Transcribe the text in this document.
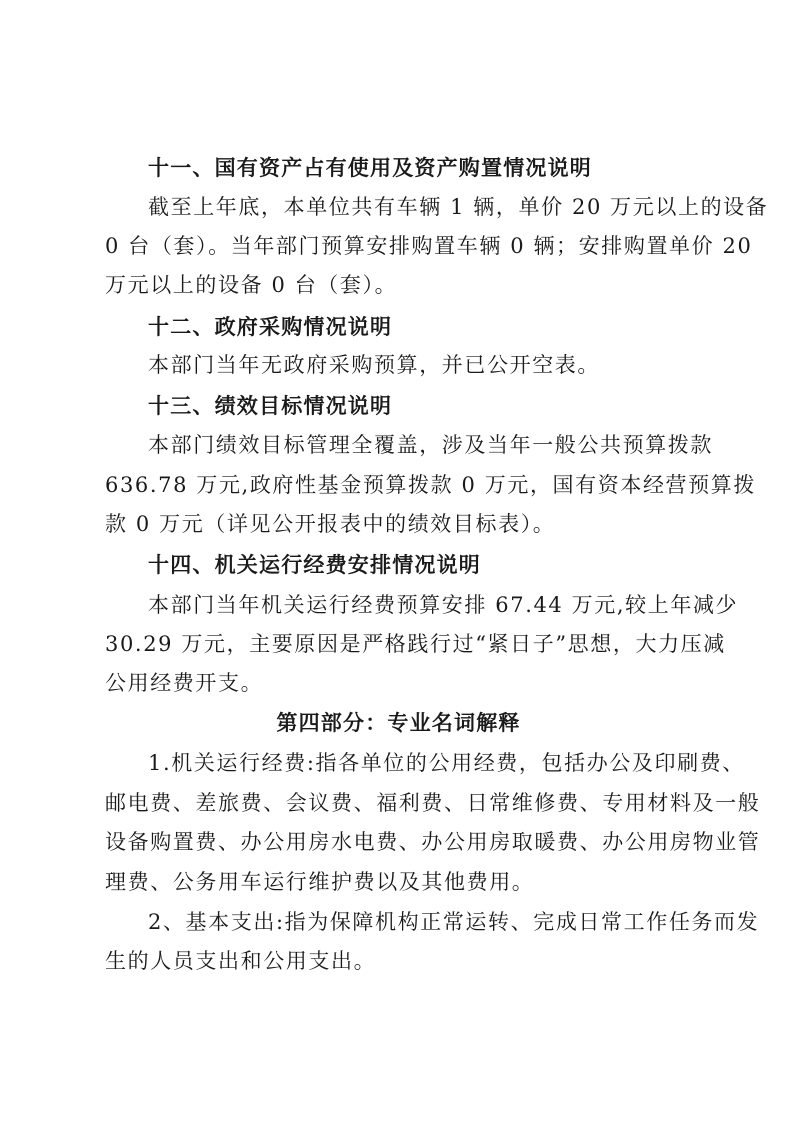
十一、国有资产占有使用及资产购置情况说明
截至上年底，本单位共有车辆 1 辆，单价 20 万元以上的设备
0 台（套）。当年部门预算安排购置车辆 0 辆；安排购置单价 20
万元以上的设备 0 台（套）。
十二、政府采购情况说明
本部门当年无政府采购预算，并已公开空表。
十三、绩效目标情况说明
本部门绩效目标管理全覆盖，涉及当年一般公共预算拨款
636.78 万元,政府性基金预算拨款 0 万元，国有资本经营预算拨
款 0 万元（详见公开报表中的绩效目标表）。
十四、机关运行经费安排情况说明
本部门当年机关运行经费预算安排 67.44 万元,较上年减少
30.29 万元，主要原因是严格践行过“紧日子”思想，大力压减
公用经费开支。
第四部分：专业名词解释
1.机关运行经费:指各单位的公用经费，包括办公及印刷费、
邮电费、差旅费、会议费、福利费、日常维修费、专用材料及一般
设备购置费、办公用房水电费、办公用房取暖费、办公用房物业管
理费、公务用车运行维护费以及其他费用。
2、基本支出:指为保障机构正常运转、完成日常工作任务而发
生的人员支出和公用支出。
